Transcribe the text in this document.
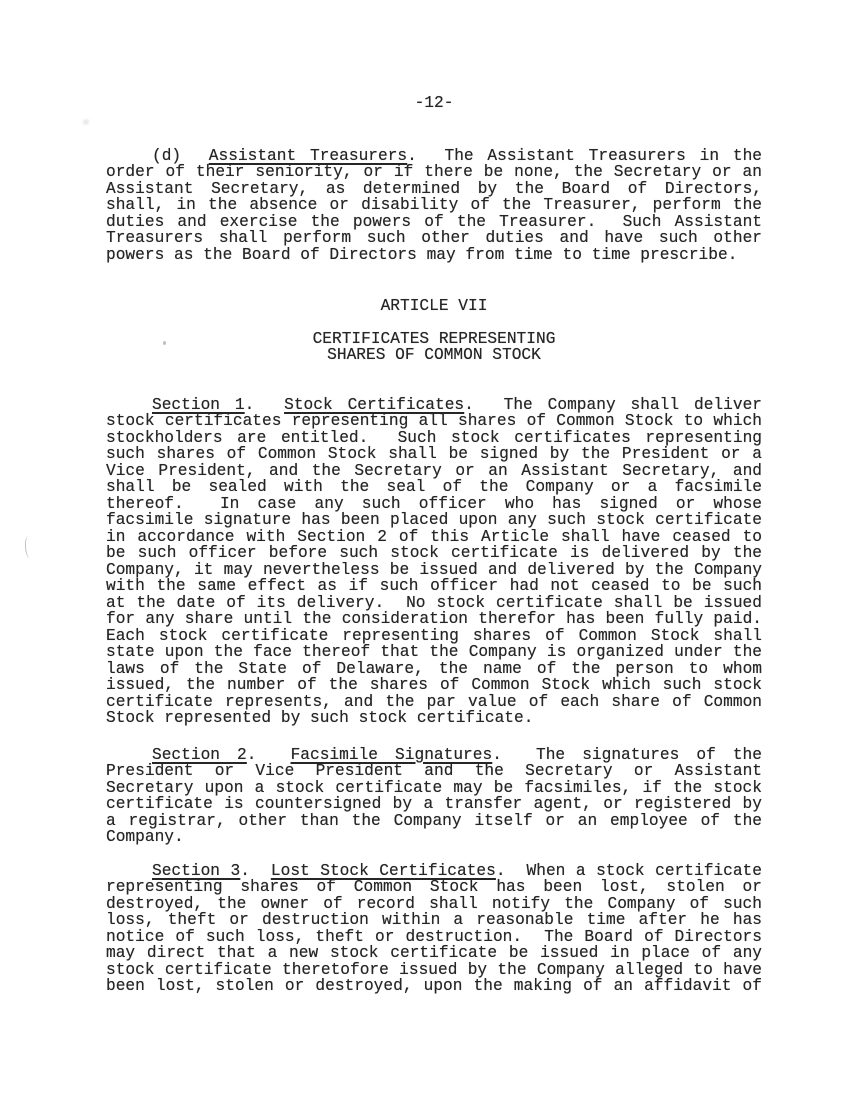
-12-
(d)  Assistant Treasurers.  The Assistant Treasurers in the
order of their seniority, or if there be none, the Secretary or an
Assistant Secretary, as determined by the Board of Directors,
shall, in the absence or disability of the Treasurer, perform the
duties and exercise the powers of the Treasurer.  Such Assistant
Treasurers shall perform such other duties and have such other
powers as the Board of Directors may from time to time prescribe.
ARTICLE VII
CERTIFICATES REPRESENTING
SHARES OF COMMON STOCK
Section 1.  Stock Certificates.  The Company shall deliver
stock certificates representing all shares of Common Stock to which
stockholders are entitled.  Such stock certificates representing
such shares of Common Stock shall be signed by the President or a
Vice President, and the Secretary or an Assistant Secretary, and
shall be sealed with the seal of the Company or a facsimile
thereof.  In case any such officer who has signed or whose
facsimile signature has been placed upon any such stock certificate
in accordance with Section 2 of this Article shall have ceased to
be such officer before such stock certificate is delivered by the
Company, it may nevertheless be issued and delivered by the Company
with the same effect as if such officer had not ceased to be such
at the date of its delivery.  No stock certificate shall be issued
for any share until the consideration therefor has been fully paid.
Each stock certificate representing shares of Common Stock shall
state upon the face thereof that the Company is organized under the
laws of the State of Delaware, the name of the person to whom
issued, the number of the shares of Common Stock which such stock
certificate represents, and the par value of each share of Common
Stock represented by such stock certificate.
Section 2.  Facsimile Signatures.  The signatures of the
President or Vice President and the Secretary or Assistant
Secretary upon a stock certificate may be facsimiles, if the stock
certificate is countersigned by a transfer agent, or registered by
a registrar, other than the Company itself or an employee of the
Company.
Section 3.  Lost Stock Certificates.  When a stock certificate
representing shares of Common Stock has been lost, stolen or
destroyed, the owner of record shall notify the Company of such
loss, theft or destruction within a reasonable time after he has
notice of such loss, theft or destruction.  The Board of Directors
may direct that a new stock certificate be issued in place of any
stock certificate theretofore issued by the Company alleged to have
been lost, stolen or destroyed, upon the making of an affidavit of
